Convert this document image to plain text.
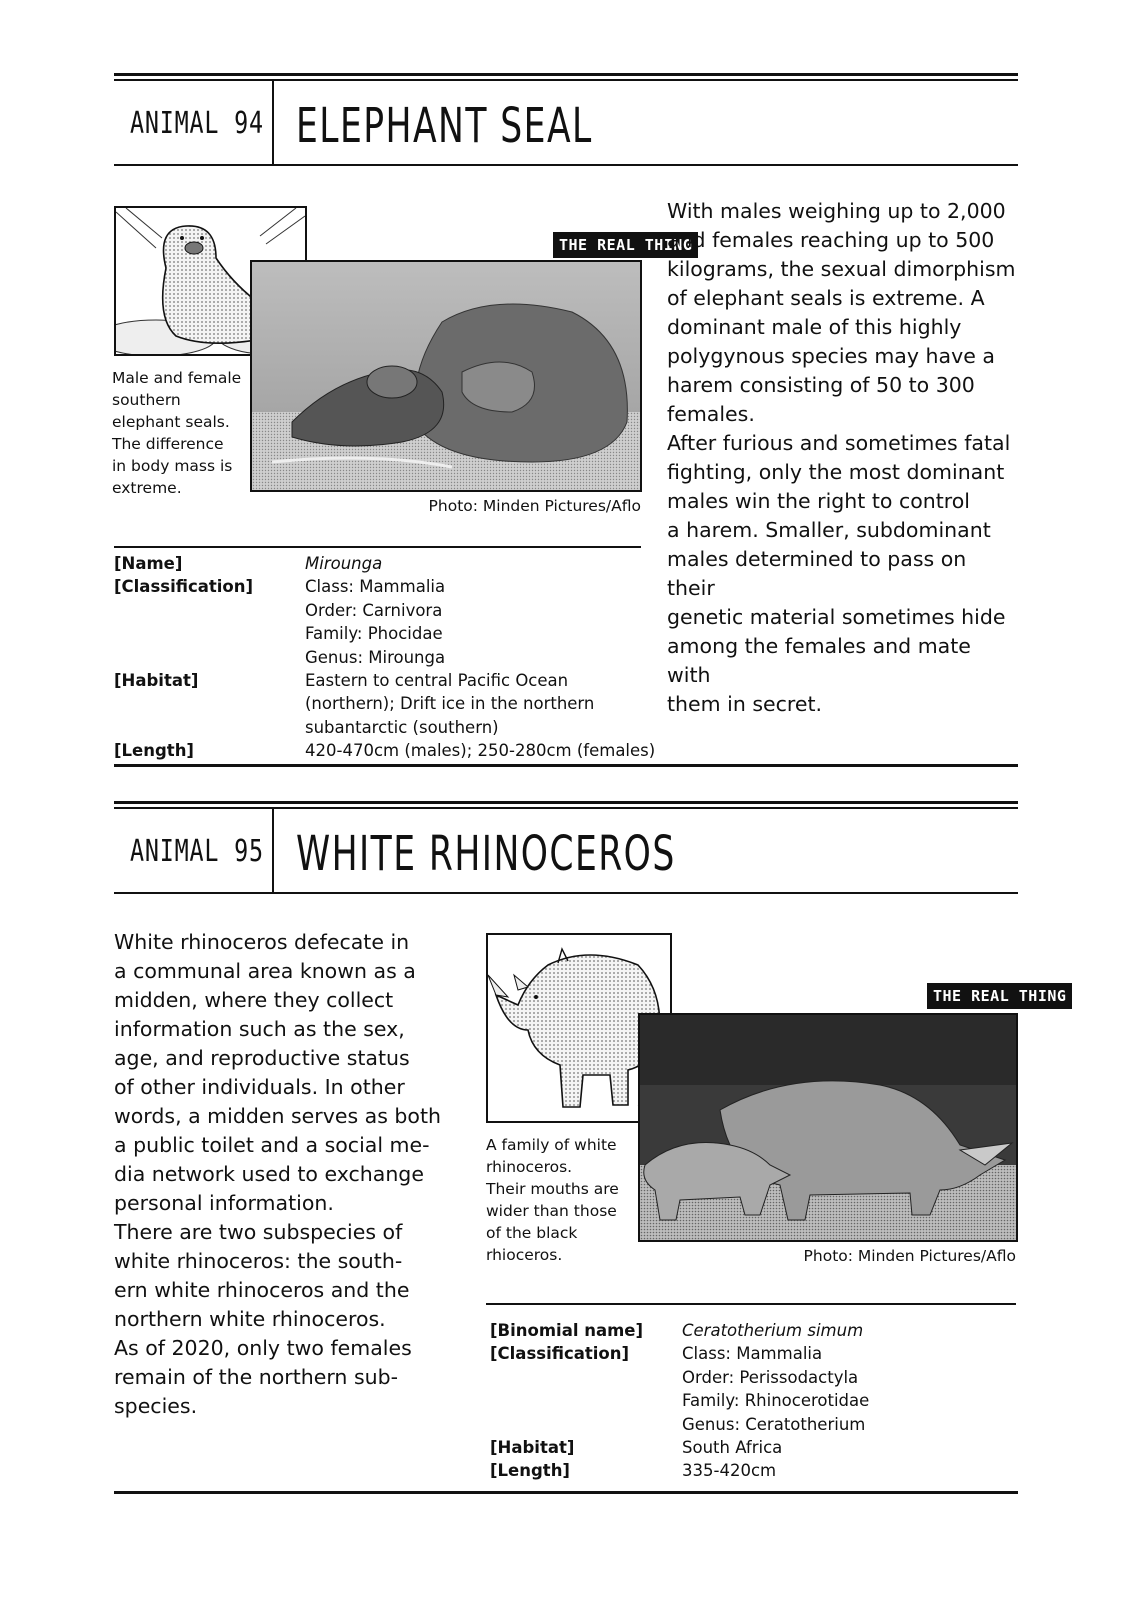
ANIMAL 94 ELEPHANT SEAL
THE REAL THING
Male and female
southern
elephant seals.
The difference
in body mass is
extreme.
Photo: Minden Pictures/Aflo
[Name]	Mirounga
[Classification]	Class: Mammalia
Order: Carnivora
Family: Phocidae
Genus: Mirounga
[Habitat]	Eastern to central Pacific Ocean
(northern); Drift ice in the northern
subantarctic (southern)
[Length]	420-470cm (males); 250-280cm (females)
With males weighing up to 2,000
and females reaching up to 500
kilograms, the sexual dimorphism
of elephant seals is extreme. A
dominant male of this highly
polygynous species may have a
harem consisting of 50 to 300
females.
After furious and sometimes fatal
fighting, only the most dominant
males win the right to control
a harem. Smaller, subdominant
males determined to pass on their
genetic material sometimes hide
among the females and mate with
them in secret.
ANIMAL 95 WHITE RHINOCEROS
White rhinoceros defecate in
a communal area known as a
midden, where they collect
information such as the sex,
age, and reproductive status
of other individuals. In other
words, a midden serves as both
a public toilet and a social me-
dia network used to exchange
personal information.
There are two subspecies of
white rhinoceros: the south-
ern white rhinoceros and the
northern white rhinoceros.
As of 2020, only two females
remain of the northern sub-
species.
THE REAL THING
A family of white
rhinoceros.
Their mouths are
wider than those
of the black
rhioceros.	Photo: Minden Pictures/Aflo
[Binomial name] Ceratotherium simum
[Classification]	Class: Mammalia
Order: Perissodactyla
Family: Rhinocerotidae
Genus: Ceratotherium
[Habitat]	South Africa
[Length]	335-420cm
